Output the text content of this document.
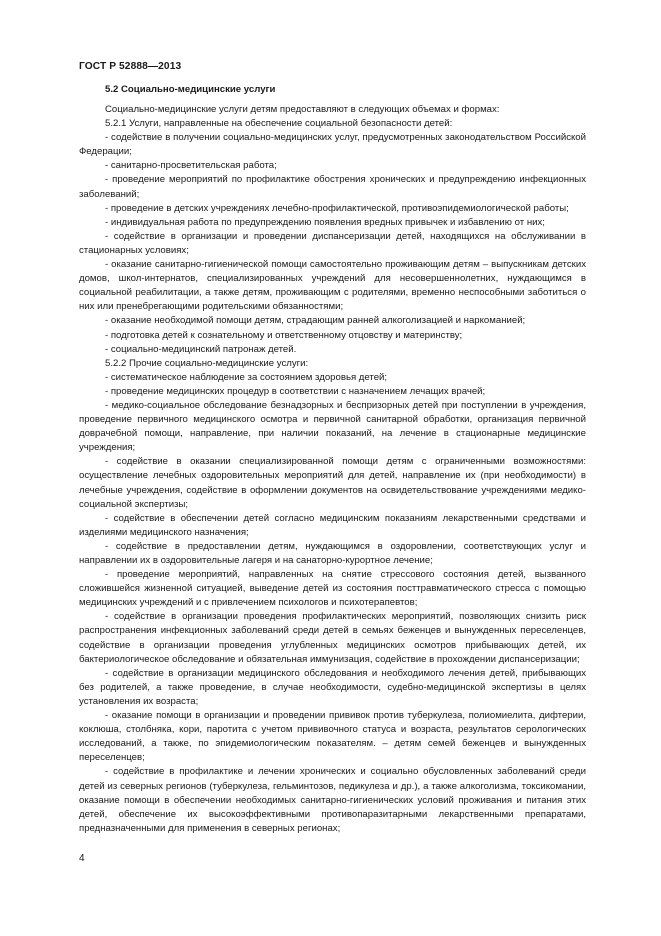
ГОСТ Р 52888—2013
5.2 Социально-медицинские услуги

Социально-медицинские услуги детям предоставляют в следующих объемах и формах:

5.2.1 Услуги, направленные на обеспечение социальной безопасности детей:

- содействие в получении социально-медицинских услуг, предусмотренных законодательством Российской Федерации;

- санитарно-просветительская работа;

- проведение мероприятий по профилактике обострения хронических и предупреждению инфекционных заболеваний;

- проведение в детских учреждениях лечебно-профилактической, противоэпидемиологической работы;

- индивидуальная работа по предупреждению появления вредных привычек и избавлению от них;

- содействие в организации и проведении диспансеризации детей, находящихся на обслуживании в стационарных условиях;

- оказание санитарно-гигиенической помощи самостоятельно проживающим детям – выпускникам детских домов, школ-интернатов, специализированных учреждений для несовершеннолетних, нуждающимся в социальной реабилитации, а также детям, проживающим с родителями, временно неспособными заботиться о них или пренебрегающими родительскими обязанностями;

- оказание необходимой помощи детям, страдающим ранней алкоголизацией и наркоманией;

- подготовка детей к сознательному и ответственному отцовству и материнству;

- социально-медицинский патронаж детей.

5.2.2 Прочие социально-медицинские услуги:

- систематическое наблюдение за состоянием здоровья детей;

- проведение медицинских процедур в соответствии с назначением лечащих врачей;

- медико-социальное обследование безнадзорных и беспризорных детей при поступлении в учреждения, проведение первичного медицинского осмотра и первичной санитарной обработки, организация первичной доврачебной помощи, направление, при наличии показаний, на лечение в стационарные медицинские учреждения;

- содействие в оказании специализированной помощи детям с ограниченными возможностями: осуществление лечебных оздоровительных мероприятий для детей, направление их (при необходимости) в лечебные учреждения, содействие в оформлении документов на освидетельствование учреждениями медико-социальной экспертизы;

- содействие в обеспечении детей согласно медицинским показаниям лекарственными средствами и изделиями медицинского назначения;

- содействие в предоставлении детям, нуждающимся в оздоровлении, соответствующих услуг и направлении их в оздоровительные лагеря и на санаторно-курортное лечение;

- проведение мероприятий, направленных на снятие стрессового состояния детей, вызванного сложившейся жизненной ситуацией, выведение детей из состояния посттравматического стресса с помощью медицинских учреждений и с привлечением психологов и психотерапевтов;

- содействие в организации проведения профилактических мероприятий, позволяющих снизить риск распространения инфекционных заболеваний среди детей в семьях беженцев и вынужденных переселенцев, содействие в организации проведения углубленных медицинских осмотров прибывающих детей, их бактериологическое обследование и обязательная иммунизация, содействие в прохождении диспансеризации;

- содействие в организации медицинского обследования и необходимого лечения детей, прибывающих без родителей, а также проведение, в случае необходимости, судебно-медицинской экспертизы в целях установления их возраста;

- оказание помощи в организации и проведении прививок против туберкулеза, полиомиелита, дифтерии, коклюша, столбняка, кори, паротита с учетом прививочного статуса и возраста, результатов серологических исследований, а также, по эпидемиологическим показателям. – детям семей беженцев и вынужденных переселенцев;

- содействие в профилактике и лечении хронических и социально обусловленных заболеваний среди детей из северных регионов (туберкулеза, гельминтозов, педикулеза и др.), а также алкоголизма, токсикомании, оказание помощи в обеспечении необходимых санитарно-гигиенических условий проживания и питания этих детей, обеспечение их высокоэффективными противопаразитарными лекарственными препаратами, предназначенными для применения в северных регионах;

4
